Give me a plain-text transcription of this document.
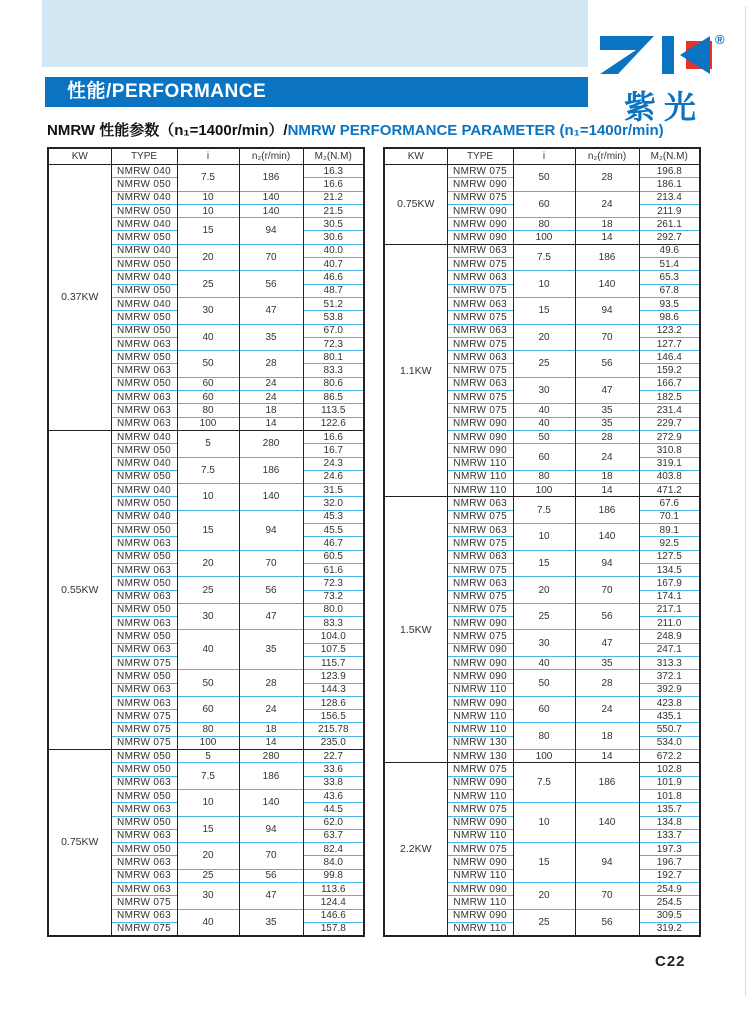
®
紫光
性能/PERFORMANCE
NMRW 性能参数（n₁=1400r/min）/NMRW PERFORMANCE PARAMETER (n₁=1400r/min)
KW	TYPE	i	n₂(r/min)	M₂(N.M)
0.37KW	NMRW 040	7.5	186	16.3
	NMRW 050			16.6
	NMRW 040	10	140	21.2
	NMRW 050	10	140	21.5
	NMRW 040	15	94	30.5
	NMRW 050			30.6
	NMRW 040	20	70	40.0
	NMRW 050			40.7
	NMRW 040	25	56	46.6
	NMRW 050			48.7
	NMRW 040	30	47	51.2
	NMRW 050			53.8
	NMRW 050	40	35	67.0
	NMRW 063			72.3
	NMRW 050	50	28	80.1
	NMRW 063			83.3
	NMRW 050	60	24	80.6
	NMRW 063	60	24	86.5
	NMRW 063	80	18	113.5
	NMRW 063	100	14	122.6
0.55KW	NMRW 040	5	280	16.6
	NMRW 050			16.7
	NMRW 040	7.5	186	24.3
	NMRW 050			24.6
	NMRW 040	10	140	31.5
	NMRW 050			32.0
	NMRW 040	15	94	45.3
	NMRW 050			45.5
	NMRW 063			46.7
	NMRW 050	20	70	60.5
	NMRW 063			61.6
	NMRW 050	25	56	72.3
	NMRW 063			73.2
	NMRW 050	30	47	80.0
	NMRW 063			83.3
	NMRW 050	40	35	104.0
	NMRW 063			107.5
	NMRW 075			115.7
	NMRW 050	50	28	123.9
	NMRW 063			144.3
	NMRW 063	60	24	128.6
	NMRW 075			156.5
	NMRW 075	80	18	215.78
	NMRW 075	100	14	235.0
0.75KW	NMRW 050	5	280	22.7
	NMRW 050	7.5	186	33.6
	NMRW 063			33.8
	NMRW 050	10	140	43.6
	NMRW 063			44.5
	NMRW 050	15	94	62.0
	NMRW 063			63.7
	NMRW 050	20	70	82.4
	NMRW 063			84.0
	NMRW 063	25	56	99.8
	NMRW 063	30	47	113.6
	NMRW 075			124.4
	NMRW 063	40	35	146.6
	NMRW 075			157.8
KW	TYPE	i	n₂(r/min)	M₂(N.M)
0.75KW	NMRW 075	50	28	196.8
	NMRW 090			186.1
	NMRW 075	60	24	213.4
	NMRW 090			211.9
	NMRW 090	80	18	261.1
	NMRW 090	100	14	292.7
1.1KW	NMRW 063	7.5	186	49.6
	NMRW 075			51.4
	NMRW 063	10	140	65.3
	NMRW 075			67.8
	NMRW 063	15	94	93.5
	NMRW 075			98.6
	NMRW 063	20	70	123.2
	NMRW 075			127.7
	NMRW 063	25	56	146.4
	NMRW 075			159.2
	NMRW 063	30	47	166.7
	NMRW 075			182.5
	NMRW 075	40	35	231.4
	NMRW 090	40	35	229.7
	NMRW 090	50	28	272.9
	NMRW 090	60	24	310.8
	NMRW 110			319.1
	NMRW 110	80	18	403.8
	NMRW 110	100	14	471.2
1.5KW	NMRW 063	7.5	186	67.6
	NMRW 075			70.1
	NMRW 063	10	140	89.1
	NMRW 075			92.5
	NMRW 063	15	94	127.5
	NMRW 075			134.5
	NMRW 063	20	70	167.9
	NMRW 075			174.1
	NMRW 075	25	56	217.1
	NMRW 090			211.0
	NMRW 075	30	47	248.9
	NMRW 090			247.1
	NMRW 090	40	35	313.3
	NMRW 090	50	28	372.1
	NMRW 110			392.9
	NMRW 090	60	24	423.8
	NMRW 110			435.1
	NMRW 110	80	18	550.7
	NMRW 130			534.0
	NMRW 130	100	14	672.2
2.2KW	NMRW 075	7.5	186	102.8
	NMRW 090			101.9
	NMRW 110			101.8
	NMRW 075	10	140	135.7
	NMRW 090			134.8
	NMRW 110			133.7
	NMRW 075	15	94	197.3
	NMRW 090			196.7
	NMRW 110			192.7
	NMRW 090	20	70	254.9
	NMRW 110			254.5
	NMRW 090	25	56	309.5
	NMRW 110			319.2
C22
